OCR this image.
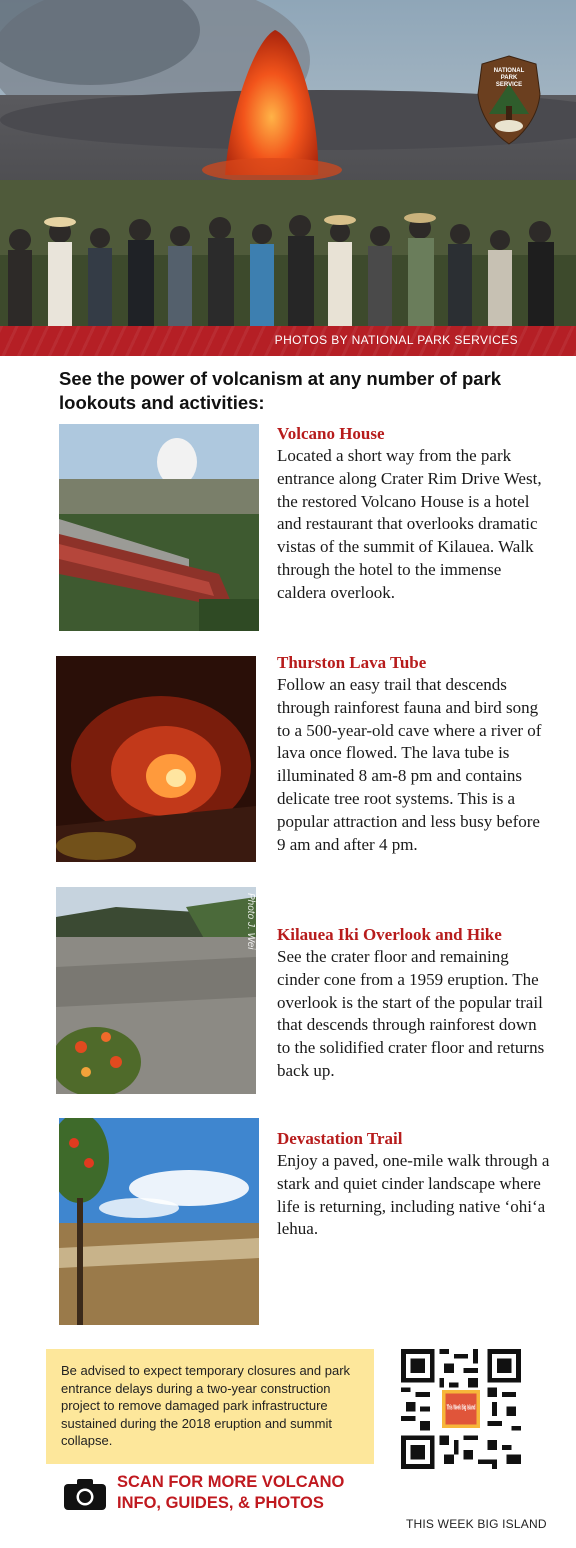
NATIONAL
PARK
SERVICE
PHOTOS BY NATIONAL PARK SERVICES
See the power of volcanism at any number of park lookouts and activities:
Volcano House

Located a short way from the park entrance along Crater Rim Drive West, the restored Volcano House is a hotel and restaurant that overlooks dramatic vistas of the summit of Kilauea. Walk through the hotel to the immense caldera overlook.

Thurston Lava Tube

Follow an easy trail that descends through rainforest fauna and bird song to a 500-year-old cave where a river of lava once flowed. The lava tube is illuminated 8 am-8 pm and contains delicate tree root systems. This is a popular attraction and less busy before 9 am and after 4 pm.

Photo J. Wei Kilauea Iki Overlook and Hike

See the crater floor and remaining cinder cone from a 1959 eruption. The overlook is the start of the popular trail that descends through rainforest down to the solidified crater floor and returns back up.

Devastation Trail

Enjoy a paved, one-mile walk through a stark and quiet cinder landscape where life is returning, including native ʻohiʻa lehua.

Be advised to expect temporary closures and park entrance delays during a two-year construction project to remove damaged park infrastructure sustained during the 2018 eruption and summit collapse.
This Week Big Island
SCAN FOR MORE VOLCANO
INFO, GUIDES, & PHOTOS
THIS WEEK BIG ISLAND
